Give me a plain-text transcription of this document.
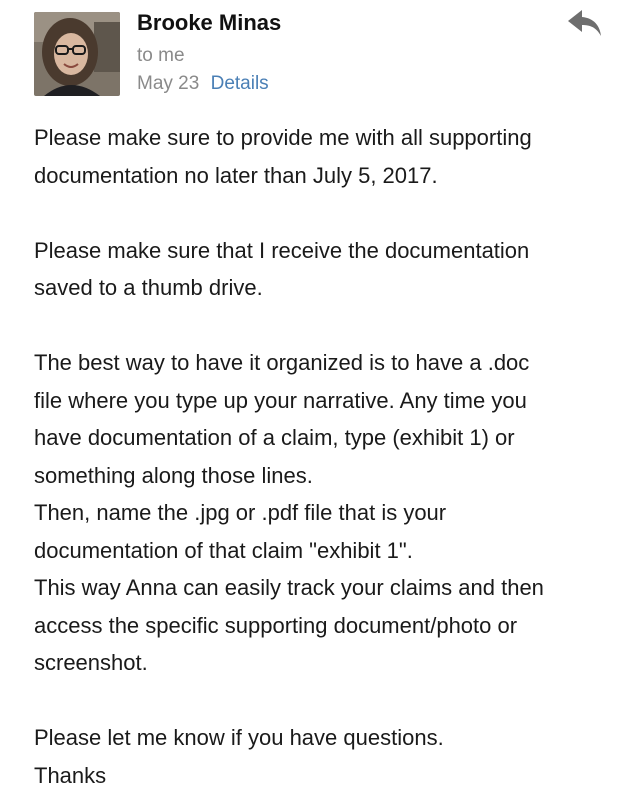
Brooke Minas
to me
May 23 Details

Please make sure to provide me with all supporting

documentation no later than July 5, 2017.

Please make sure that I receive the documentation

saved to a thumb drive.

The best way to have it organized is to have a .doc

file where you type up your narrative. Any time you

have documentation of a claim, type (exhibit 1) or

something along those lines.

Then, name the .jpg or .pdf file that is your

documentation of that claim "exhibit 1".

This way Anna can easily track your claims and then

access the specific supporting document/photo or

screenshot.

Please let me know if you have questions.

Thanks
